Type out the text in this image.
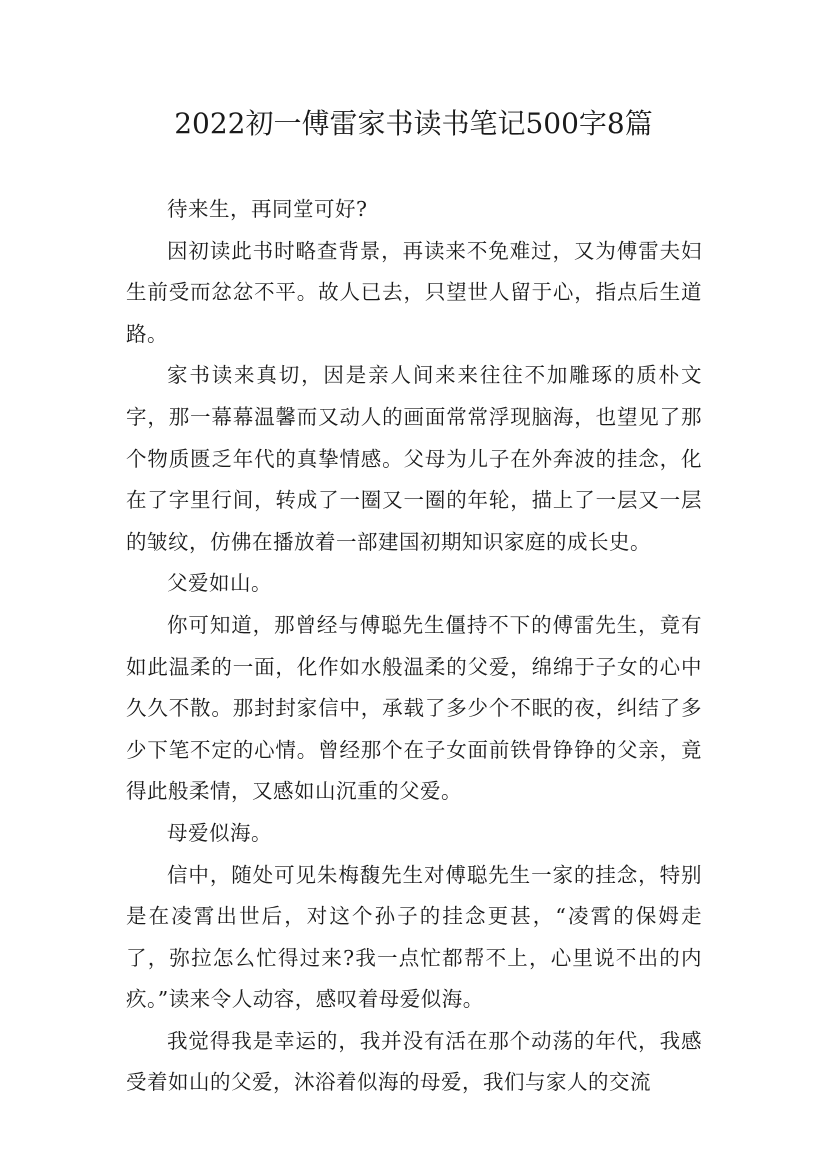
2022初一傅雷家书读书笔记500字8篇

待来生，再同堂可好?

因初读此书时略查背景，再读来不免难过，又为傅雷夫妇生前受而忿忿不平。故人已去，只望世人留于心，指点后生道路。

家书读来真切，因是亲人间来来往往不加雕琢的质朴文字，那一幕幕温馨而又动人的画面常常浮现脑海，也望见了那个物质匮乏年代的真挚情感。父母为儿子在外奔波的挂念，化在了字里行间，转成了一圈又一圈的年轮，描上了一层又一层的皱纹，仿佛在播放着一部建国初期知识家庭的成长史。

父爱如山。

你可知道，那曾经与傅聪先生僵持不下的傅雷先生，竟有如此温柔的一面，化作如水般温柔的父爱，绵绵于子女的心中久久不散。那封封家信中，承载了多少个不眠的夜，纠结了多少下笔不定的心情。曾经那个在子女面前铁骨铮铮的父亲，竟得此般柔情，又感如山沉重的父爱。

母爱似海。

信中，随处可见朱梅馥先生对傅聪先生一家的挂念，特别是在凌霄出世后，对这个孙子的挂念更甚，“凌霄的保姆走了，弥拉怎么忙得过来?我一点忙都帮不上，心里说不出的内疚。”读来令人动容，感叹着母爱似海。

我觉得我是幸运的，我并没有活在那个动荡的年代，我感受着如山的父爱，沐浴着似海的母爱，我们与家人的交流
